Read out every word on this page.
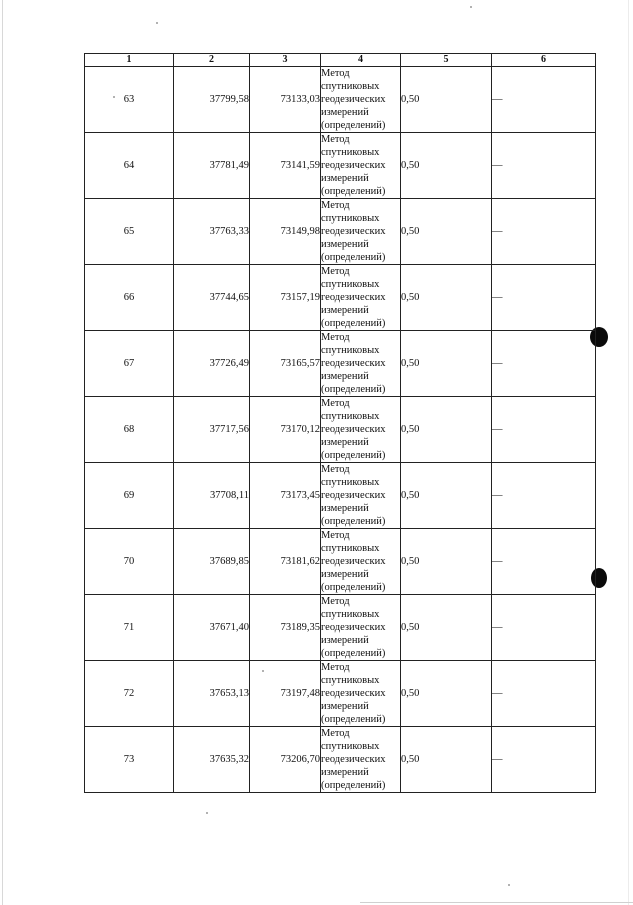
1	2	3	4	5	6
63	37799,58	73133,03	Метод
спутниковых
геодезических
измерений
(определений)	0,50	—
64	37781,49	73141,59	Метод
спутниковых
геодезических
измерений
(определений)	0,50	—
65	37763,33	73149,98	Метод
спутниковых
геодезических
измерений
(определений)	0,50	—
66	37744,65	73157,19	Метод
спутниковых
геодезических
измерений
(определений)	0,50	—
67	37726,49	73165,57	Метод
спутниковых
геодезических
измерений
(определений)	0,50	—
68	37717,56	73170,12	Метод
спутниковых
геодезических
измерений
(определений)	0,50	—
69	37708,11	73173,45	Метод
спутниковых
геодезических
измерений
(определений)	0,50	—
70	37689,85	73181,62	Метод
спутниковых
геодезических
измерений
(определений)	0,50	—
71	37671,40	73189,35	Метод
спутниковых
геодезических
измерений
(определений)	0,50	—
72	37653,13	73197,48	Метод
спутниковых
геодезических
измерений
(определений)	0,50	—
73	37635,32	73206,70	Метод
спутниковых
геодезических
измерений
(определений)	0,50	—
